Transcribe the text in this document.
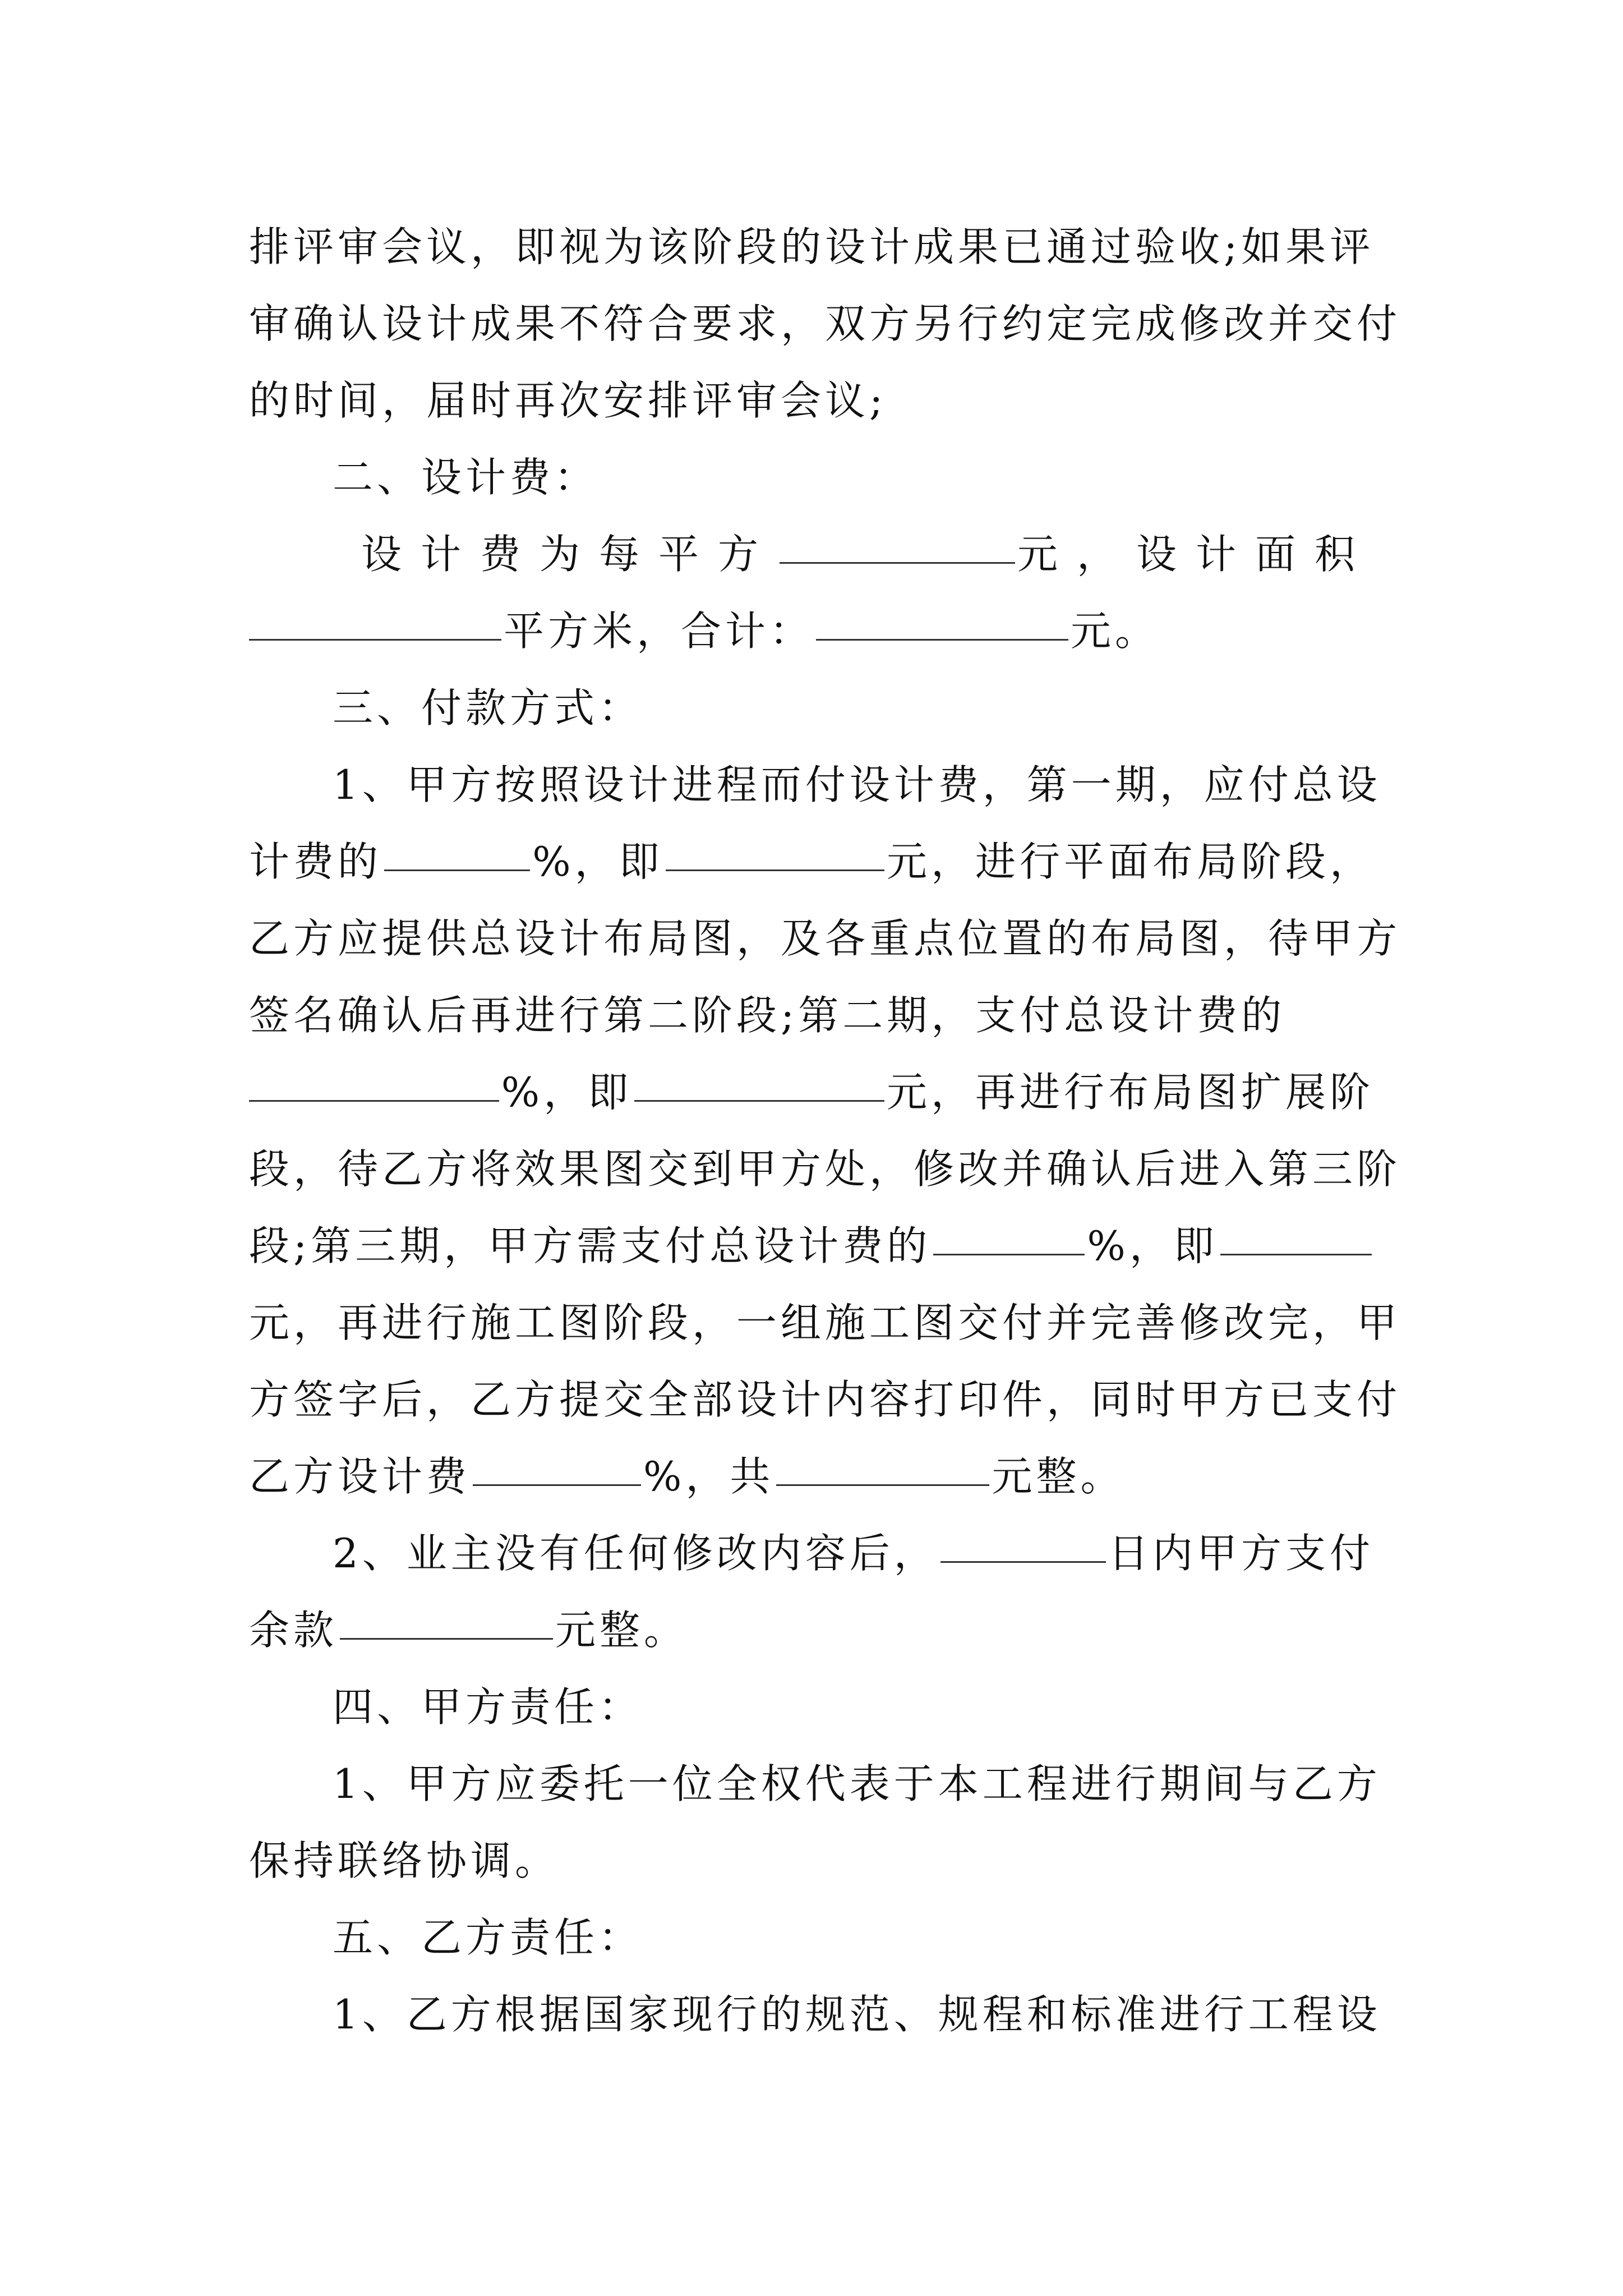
排评审会议，即视为该阶段的设计成果已通过验收;如果评
审确认设计成果不符合要求，双方另行约定完成修改并交付
的时间，届时再次安排评审会议;
二、设计费：
设计费为每平方	元，设计面积
平方米，合计：	元。
三、付款方式：
1、甲方按照设计进程而付设计费，第一期，应付总设
计费的	%，即	元，进行平面布局阶段，
乙方应提供总设计布局图，及各重点位置的布局图，待甲方
签名确认后再进行第二阶段;第二期，支付总设计费的
%，即	元，再进行布局图扩展阶
段，待乙方将效果图交到甲方处，修改并确认后进入第三阶
段;第三期，甲方需支付总设计费的	%，即
元，再进行施工图阶段，一组施工图交付并完善修改完，甲
方签字后，乙方提交全部设计内容打印件，同时甲方已支付
乙方设计费	%，共	元整。
2、业主没有任何修改内容后，	日内甲方支付
余款	元整。
四、甲方责任：
1、甲方应委托一位全权代表于本工程进行期间与乙方
保持联络协调。
五、乙方责任：
1、乙方根据国家现行的规范、规程和标准进行工程设
